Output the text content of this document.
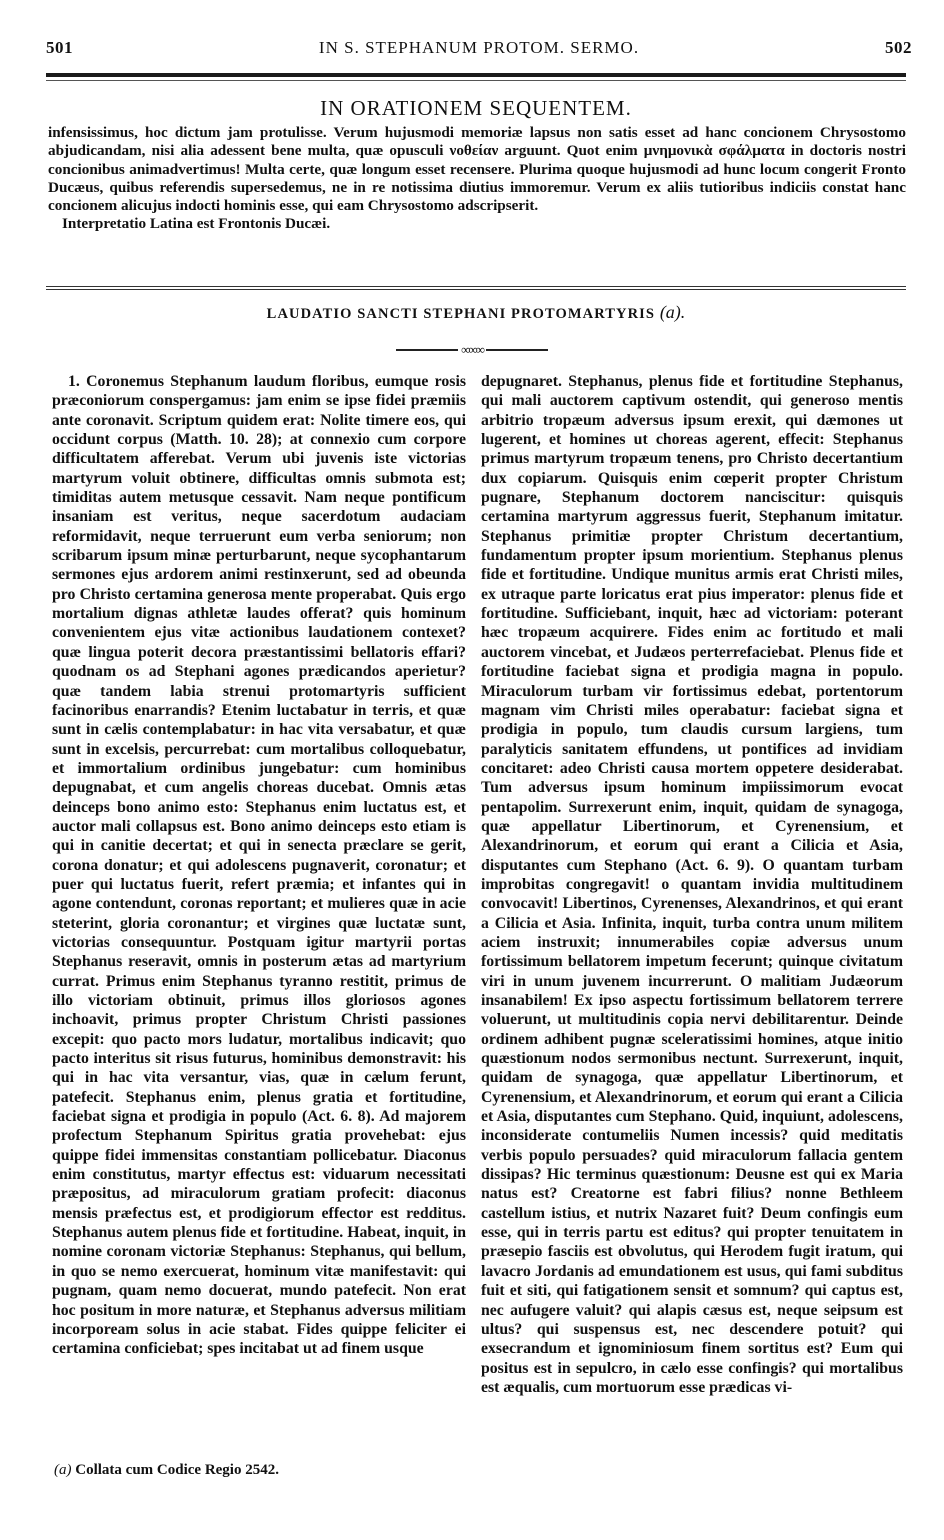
501	IN S. STEPHANUM PROTOM. SERMO.	502
IN ORATIONEM SEQUENTEM.

infensissimus, hoc dictum jam protulisse. Verum hujusmodi memoriæ lapsus non satis esset ad hanc concionem Chrysostomo abjudicandam, nisi alia adessent bene multa, quæ opusculi νοθείαν arguunt. Quot enim μνημονικὰ σφάλματα in doctoris nostri concionibus animadvertimus! Multa certe, quæ longum esset recensere. Plurima quoque hujusmodi ad hunc locum congerit Fronto Ducæus, quibus referendis supersedemus, ne in re notissima diutius immoremur. Verum ex aliis tutioribus indiciis constat hanc concionem alicujus indocti hominis esse, qui eam Chrysostomo adscripserit.

Interpretatio Latina est Frontonis Ducæi.

LAUDATIO SANCTI STEPHANI PROTOMARTYRIS (a).
∞∞∞

1. Coronemus Stephanum laudum floribus, eumque rosis præconiorum conspergamus: jam enim se ipse fidei præmiis ante coronavit. Scriptum quidem erat: Nolite timere eos, qui occidunt corpus (Matth. 10. 28); at connexio cum corpore difficultatem afferebat. Verum ubi juvenis iste victorias martyrum voluit obtinere, difficultas omnis submota est; timiditas autem metusque cessavit. Nam neque pontificum insaniam est veritus, neque sacerdotum audaciam reformidavit, neque terruerunt eum verba seniorum; non scribarum ipsum minæ perturbarunt, neque sycophantarum sermones ejus ardorem animi restinxerunt, sed ad obeunda pro Christo certamina generosa mente properabat. Quis ergo mortalium dignas athletæ laudes offerat? quis hominum convenientem ejus vitæ actionibus laudationem contexet? quæ lingua poterit decora præstantissimi bellatoris effari? quodnam os ad Stephani agones prædicandos aperietur? quæ tandem labia strenui protomartyris sufficient facinoribus enarrandis? Etenim luctabatur in terris, et quæ sunt in cælis contemplabatur: in hac vita versabatur, et quæ sunt in excelsis, percurrebat: cum mortalibus colloquebatur, et immortalium ordinibus jungebatur: cum hominibus depugnabat, et cum angelis choreas ducebat. Omnis ætas deinceps bono animo esto: Stephanus enim luctatus est, et auctor mali collapsus est. Bono animo deinceps esto etiam is qui in canitie decertat; et qui in senecta præclare se gerit, corona donatur; et qui adolescens pugnaverit, coronatur; et puer qui luctatus fuerit, refert præmia; et infantes qui in agone contendunt, coronas reportant; et mulieres quæ in acie steterint, gloria coronantur; et virgines quæ luctatæ sunt, victorias consequuntur. Postquam igitur martyrii portas Stephanus reseravit, omnis in posterum ætas ad martyrium currat. Primus enim Stephanus tyranno restitit, primus de illo victoriam obtinuit, primus illos gloriosos agones inchoavit, primus propter Christum Christi passiones excepit: quo pacto mors ludatur, mortalibus indicavit; quo pacto interitus sit risus futurus, hominibus demonstravit: his qui in hac vita versantur, vias, quæ in cælum ferunt, patefecit. Stephanus enim, plenus gratia et fortitudine, faciebat signa et prodigia in populo (Act. 6. 8). Ad majorem profectum Stephanum Spiritus gratia provehebat: ejus quippe fidei immensitas constantiam pollicebatur. Diaconus enim constitutus, martyr effectus est: viduarum necessitati præpositus, ad miraculorum gratiam profecit: diaconus mensis præfectus est, et prodigiorum effector est redditus. Stephanus autem plenus fide et fortitudine. Habeat, inquit, in nomine coronam victoriæ Stephanus: Stephanus, qui bellum, in quo se nemo exercuerat, hominum vitæ manifestavit: qui pugnam, quam nemo docuerat, mundo patefecit. Non erat hoc positum in more naturæ, et Stephanus adversus militiam incorpoream solus in acie stabat. Fides quippe feliciter ei certamina conficiebat; spes incitabat ut ad finem usque

depugnaret. Stephanus, plenus fide et fortitudine Stephanus, qui mali auctorem captivum ostendit, qui generoso mentis arbitrio tropæum adversus ipsum erexit, qui dæmones ut lugerent, et homines ut choreas agerent, effecit: Stephanus primus martyrum tropæum tenens, pro Christo decertantium dux copiarum. Quisquis enim cœperit propter Christum pugnare, Stephanum doctorem nanciscitur: quisquis certamina martyrum aggressus fuerit, Stephanum imitatur. Stephanus primitiæ propter Christum decertantium, fundamentum propter ipsum morientium. Stephanus plenus fide et fortitudine. Undique munitus armis erat Christi miles, ex utraque parte loricatus erat pius imperator: plenus fide et fortitudine. Sufficiebant, inquit, hæc ad victoriam: poterant hæc tropæum acquirere. Fides enim ac fortitudo et mali auctorem vincebat, et Judæos perterrefaciebat. Plenus fide et fortitudine faciebat signa et prodigia magna in populo. Miraculorum turbam vir fortissimus edebat, portentorum magnam vim Christi miles operabatur: faciebat signa et prodigia in populo, tum claudis cursum largiens, tum paralyticis sanitatem effundens, ut pontifices ad invidiam concitaret: adeo Christi causa mortem oppetere desiderabat. Tum adversus ipsum hominum impiissimorum evocat pentapolim. Surrexerunt enim, inquit, quidam de synagoga, quæ appellatur Libertinorum, et Cyrenensium, et Alexandrinorum, et eorum qui erant a Cilicia et Asia, disputantes cum Stephano (Act. 6. 9). O quantam turbam improbitas congregavit! o quantam invidia multitudinem convocavit! Libertinos, Cyrenenses, Alexandrinos, et qui erant a Cilicia et Asia. Infinita, inquit, turba contra unum militem aciem instruxit; innumerabiles copiæ adversus unum fortissimum bellatorem impetum fecerunt; quinque civitatum viri in unum juvenem incurrerunt. O malitiam Judæorum insanabilem! Ex ipso aspectu fortissimum bellatorem terrere voluerunt, ut multitudinis copia nervi debilitarentur. Deinde ordinem adhibent pugnæ sceleratissimi homines, atque initio quæstionum nodos sermonibus nectunt. Surrexerunt, inquit, quidam de synagoga, quæ appellatur Libertinorum, et Cyrenensium, et Alexandrinorum, et eorum qui erant a Cilicia et Asia, disputantes cum Stephano. Quid, inquiunt, adolescens, inconsiderate contumeliis Numen incessis? quid meditatis verbis populo persuades? quid miraculorum fallacia gentem dissipas? Hic terminus quæstionum: Deusne est qui ex Maria natus est? Creatorne est fabri filius? nonne Bethleem castellum istius, et nutrix Nazaret fuit? Deum confingis eum esse, qui in terris partu est editus? qui propter tenuitatem in præsepio fasciis est obvolutus, qui Herodem fugit iratum, qui lavacro Jordanis ad emundationem est usus, qui fami subditus fuit et siti, qui fatigationem sensit et somnum? qui captus est, nec aufugere valuit? qui alapis cæsus est, neque seipsum est ultus? qui suspensus est, nec descendere potuit? qui exsecrandum et ignominiosum finem sortitus est? Eum qui positus est in sepulcro, in cælo esse confingis? qui mortalibus est æqualis, cum mortuorum esse prædicas vi-

(a) Collata cum Codice Regio 2542.
